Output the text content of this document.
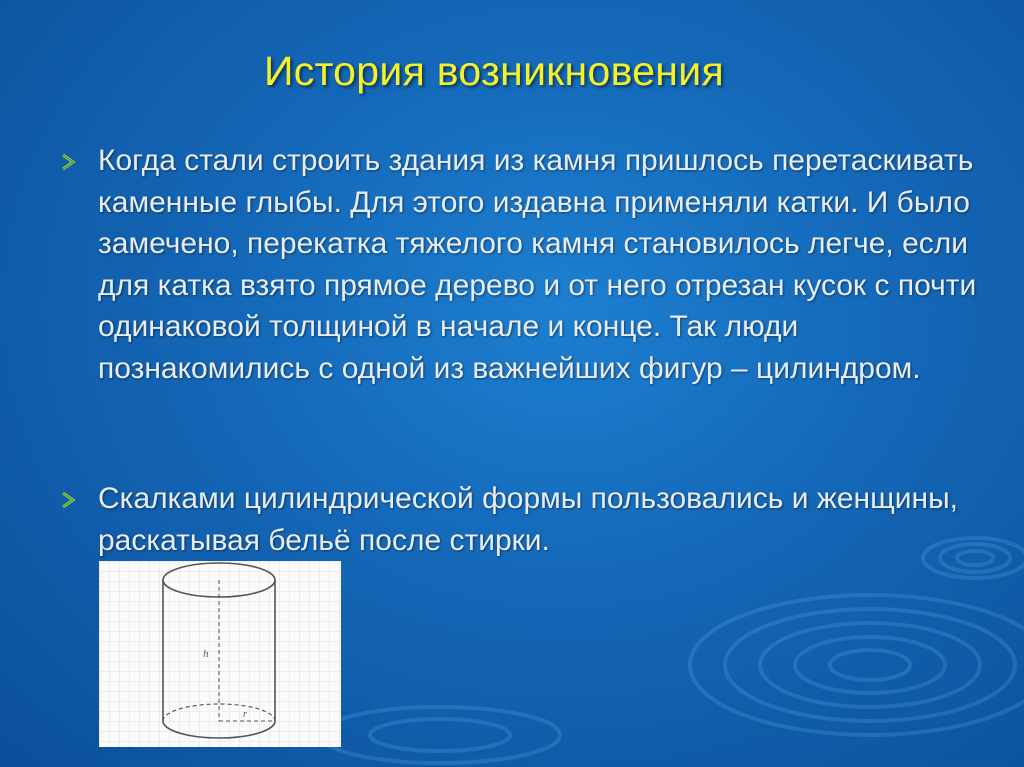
История возникновения
Когда стали строить здания из камня пришлось перетаскивать каменные глыбы. Для этого издавна применяли катки. И было замечено, перекатка тяжелого камня становилось легче, если для катка взято прямое дерево и от него отрезан кусок с почти одинаковой толщиной в начале и конце. Так люди познакомились с одной из важнейших фигур – цилиндром.
Скалками цилиндрической формы пользовались и женщины, раскатывая бельё после стирки.
h
r
